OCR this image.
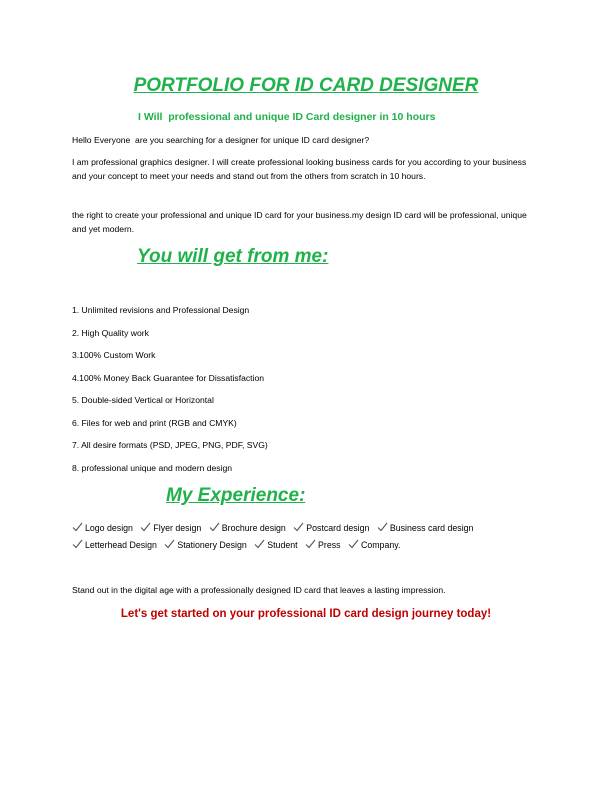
PORTFOLIO FOR ID CARD DESIGNER

I Will  professional and unique ID Card designer in 10 hours

Hello Everyone  are you searching for a designer for unique ID card designer?

I am professional graphics designer. I will create professional looking business cards for you according to your business and your concept to meet your needs and stand out from the others from scratch in 10 hours.

the right to create your professional and unique ID card for your business.my design ID card will be professional, unique and yet modern.

You will get from me:
1. Unlimited revisions and Professional Design
2. High Quality work
3.100% Custom Work
4.100% Money Back Guarantee for Dissatisfaction
5. Double-sided Vertical or Horizontal
6. Files for web and print (RGB and CMYK)
7. All desire formats (PSD, JPEG, PNG, PDF, SVG)
8. professional unique and modern design
My Experience:
Logo design Flyer design Brochure design Postcard design Business card design
Letterhead Design Stationery Design Student Press Company.

Stand out in the digital age with a professionally designed ID card that leaves a lasting impression.

Let's get started on your professional ID card design journey today!
